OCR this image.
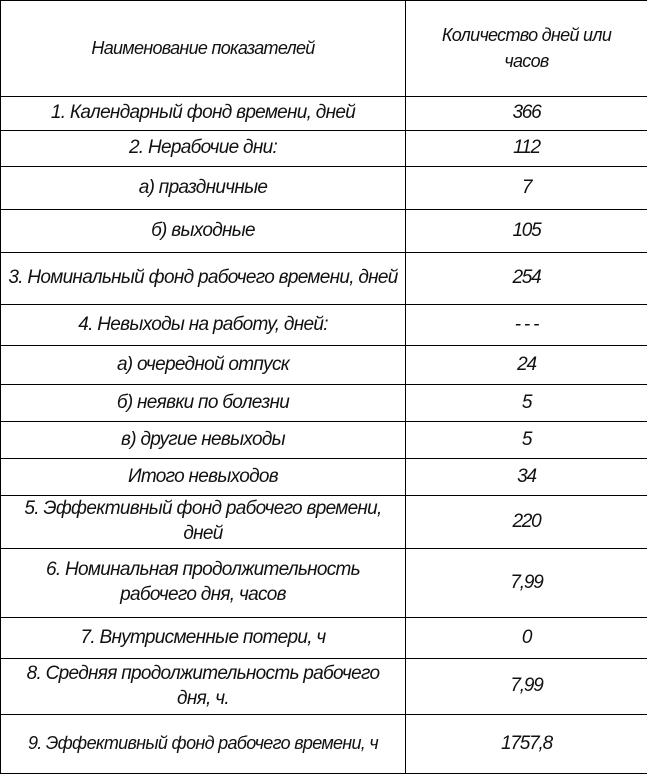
Наименование показателей	Количество дней или часов
1. Календарный фонд времени, дней	366
2. Нерабочие дни:	112
а) праздничные	7
б) выходные	105
3. Номинальный фонд рабочего времени, дней	254
4. Невыходы на работу, дней:	- - -
а) очередной отпуск	24
б) неявки по болезни	5
в) другие невыходы	5
Итого невыходов	34
5. Эффективный фонд рабочего времени, дней	220
6. Номинальная продолжительность рабочего дня, часов	7,99
7. Внутрисменные потери, ч	0
8. Средняя продолжительность рабочего дня, ч.	7,99
9. Эффективный фонд рабочего времени, ч	1757,8
